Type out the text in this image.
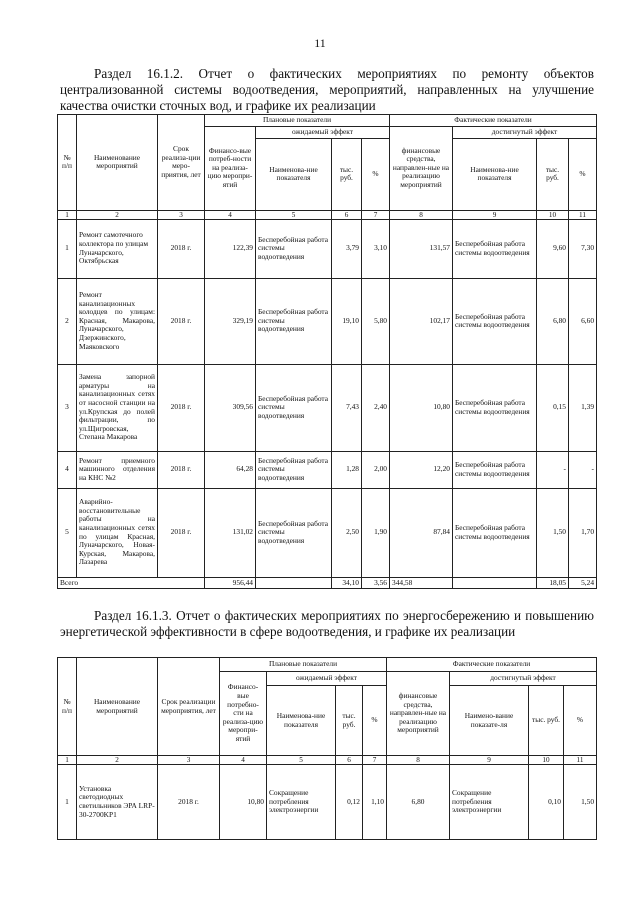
11
Раздел 16.1.2. Отчет о фактических мероприятиях по ремонту объектов централизованной системы водоотведения, мероприятий, направленных на улучшение качества очистки сточных вод, и графике их реализации
№ п/п	Наименование мероприятий	Срок реализа-ции меро-приятия, лет	Плановые показатели				Фактические показатели			
			Финансо-вые потреб-ности на реализа-цию меропри-ятий	ожидаемый эффект			финансовые средства, направлен-ные на реализацию мероприятий	достигнутый эффект		
				Наименова-ние показателя	тыс. руб.	%		Наименова-ние показателя	тыс. руб.	%
1	2	3	4	5	6	7	8	9	10	11
1	Ремонт самотечного коллектора по улицам Луначарского, Октябрьская	2018 г.	122,39	Бесперебойная работа системы водоотведения	3,79	3,10	131,57	Бесперебойная работа системы водоотведения	9,60	7,30
2	Ремонт канализационных колодцев по улицам: Красная, Макарова, Луначарского, Дзержинского, Маяковского	2018 г.	329,19	Бесперебойная работа системы водоотведения	19,10	5,80	102,17	Бесперебойная работа системы водоотведения	6,80	6,60
3	Замена запорной арматуры на канализационных сетях от насосной станции на ул.Крупская до полей фильтрации, по ул.Щигровская, Степана Макарова	2018 г.	309,56	Бесперебойная работа системы водоотведения	7,43	2,40	10,80	Бесперебойная работа системы водоотведения	0,15	1,39
4	Ремонт приемного машинного отделения на КНС №2	2018 г.	64,28	Бесперебойная работа системы водоотведения	1,28	2,00	12,20	Бесперебойная работа системы водоотведения	-	-
5	Аварийно-восстановительные работы на канализационных сетях по улицам Красная, Луначарского, Новая-Курская, Макарова, Лазарева	2018 г.	131,02	Бесперебойная работа системы водоотведения	2,50	1,90	87,84	Бесперебойная работа системы водоотведения	1,50	1,70
Всего			956,44		34,10	3,56	344,58		18,05	5,24
Раздел 16.1.3. Отчет о фактических мероприятиях по энергосбережению и повышению энергетической эффективности в сфере водоотведения, и графике их реализации
№ п/п	Наименование мероприятий	Срок реализации мероприятия, лет	Плановые показатели				Фактические показатели			
			Финансо-вые потребно-сти на реализа-цию меропри-ятий	ожидаемый эффект			финансовые средства, направлен-ные на реализацию мероприятий	достигнутый эффект		
				Наименова-ние показателя	тыс. руб.	%		Наимено-вание показате-ля	тыс. руб.	%
1	2	3	4	5	6	7	8	9	10	11
1	Установка светодиодных светильников ЭРА LRP-30-2700KP1	2018 г.	10,80	Сокращение потребления электроэнергии	0,12	1,10	6,80	Сокращение потребления электроэнергии	0,10	1,50
